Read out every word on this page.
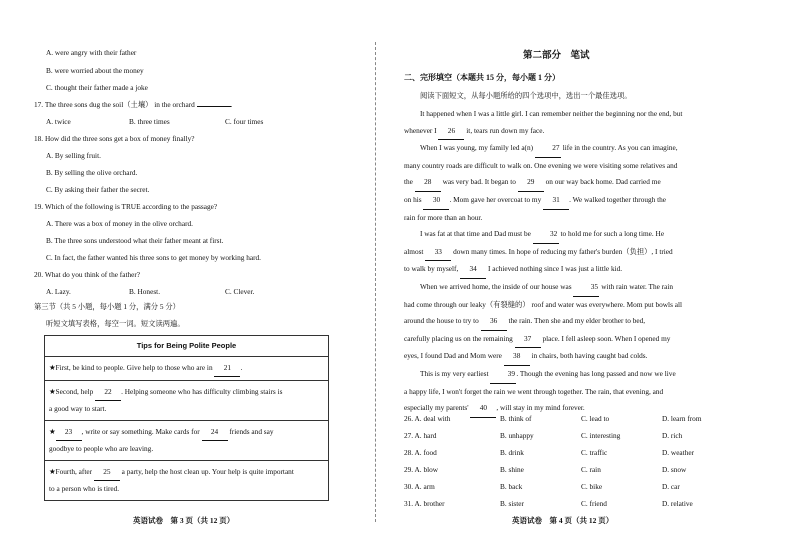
A. were angry with their father
B. were worried about the money
C. thought their father made a joke
17. The three sons dug the soil（土壤） in the orchard	.
A. twice	B. three times	C. four times
18. How did the three sons get a box of money finally?
A. By selling fruit.
B. By selling the olive orchard.
C. By asking their father the secret.
19. Which of the following is TRUE according to the passage?
A. There was a box of money in the olive orchard.
B. The three sons understood what their father meant at first.
C. In fact, the father wanted his three sons to get money by working hard.
20. What do you think of the father?
A. Lazy.	B. Honest.	C. Clever.
第三节（共 5 小题，每小题 1 分，满分 5 分）
听短文填写表格，每空一词。短文读两遍。
Tips for Being Polite People
★First, be kind to people. Give help to those who are in 21 .
★Second, help 22 . Helping someone who has difficulty climbing stairs is
a good way to start.
★ 23 , write or say something. Make cards for 24 friends and say
goodbye to people who are leaving.
★Fourth, after 25 a party, help the host clean up. Your help is quite important
to a person who is tired.
英语试卷　第 3 页（共 12 页）
第二部分　笔试
二、完形填空（本题共 15 分，每小题 1 分）
阅读下面短文，从每小题所给的四个选项中，选出一个最佳选项。

It happened when I was a little girl. I can remember neither the beginning nor the end, but

whenever I 26 it, tears run down my face.

When I was young, my family led a(n)	27 life in the country. As you can imagine,

many country roads are difficult to walk on. One evening we were visiting some relatives and

the 28 was very bad. It began to 29 on our way back home. Dad carried me

on his 30 . Mom gave her overcoat to my 31 . We walked together through the

rain for more than an hour.

I was fat at that time and Dad must be	32 to hold me for such a long time. He

almost 33 down many times. In hope of reducing my father's burden（负担）, I tried

to walk by myself, 34 I achieved nothing since I was just a little kid.

When we arrived home, the inside of our house was	35 with rain water. The rain

had come through our leaky（有裂缝的） roof and water was everywhere. Mom put bowls all

around the house to try to 36 the rain. Then she and my elder brother to bed,

carefully placing us on the remaining 37 place. I fell asleep soon. When I opened my

eyes, I found Dad and Mom were 38 in chairs, both having caught bad colds.

This is my very earliest	39. Though the evening has long passed and now we live

a happy life, I won't forget the rain we went through together. The rain, that evening, and

especially my parents' 40 , will stay in my mind forever.

26. A. deal with	B. think of	C. lead to	D. learn from
27. A. hard	B. unhappy	C. interesting	D. rich
28. A. food	B. drink	C. traffic	D. weather
29. A. blow	B. shine	C. rain	D. snow
30. A. arm	B. back	C. bike	D. car
31. A. brother	B. sister	C. friend	D. relative
英语试卷　第 4 页（共 12 页）
